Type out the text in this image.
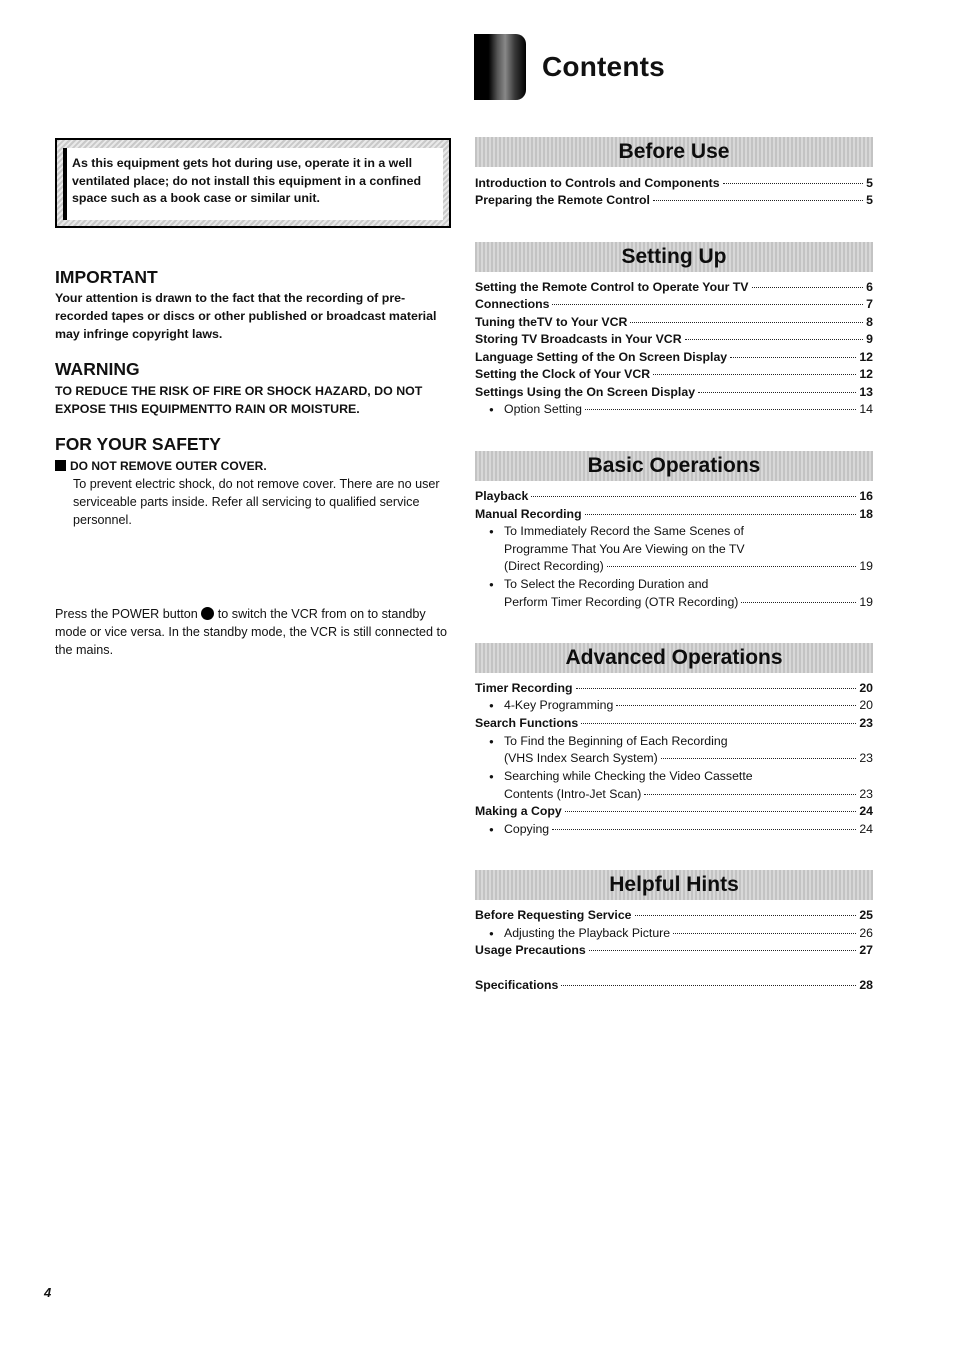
Contents
As this equipment gets hot during use, operate it in a well ventilated place; do not install this equipment in a confined space such as a book case or similar unit.
IMPORTANT
Your attention is drawn to the fact that the recording of pre-recorded tapes or discs or other published or broadcast material may infringe copyright laws.
WARNING
TO REDUCE THE RISK OF FIRE OR SHOCK HAZARD, DO NOT EXPOSE THIS EQUIPMENTTO RAIN OR MOISTURE.
FOR YOUR SAFETY
DO NOT REMOVE OUTER COVER.
To prevent electric shock, do not remove cover. There are no user serviceable parts inside. Refer all servicing to qualified service personnel.
Press the POWER button to switch the VCR from on to standby mode or vice versa. In the standby mode, the VCR is still connected to the mains.
Before Use
Introduction to Controls and Components	5
Preparing the Remote Control	5
Setting Up
Setting the Remote Control to Operate Your TV	6
Connections	7
Tuning theTV to Your VCR	8
Storing TV Broadcasts in Your VCR	9
Language Setting of the On Screen Display	12
Setting the Clock of Your VCR	12
Settings Using the On Screen Display	13
● Option Setting	14
Basic Operations
Playback	16
Manual Recording	18
● To Immediately Record the Same Scenes of
Programme That You Are Viewing on the TV
(Direct Recording)	19
● To Select the Recording Duration and
Perform Timer Recording (OTR Recording)	19
Advanced Operations
Timer Recording	20
● 4-Key Programming	20
Search Functions	23
● To Find the Beginning of Each Recording
(VHS Index Search System)	23
● Searching while Checking the Video Cassette
Contents (Intro-Jet Scan)	23
Making a Copy	24
● Copying	24
Helpful Hints
Before Requesting Service	25
● Adjusting the Playback Picture	26
Usage Precautions	27
Specifications	28
4
